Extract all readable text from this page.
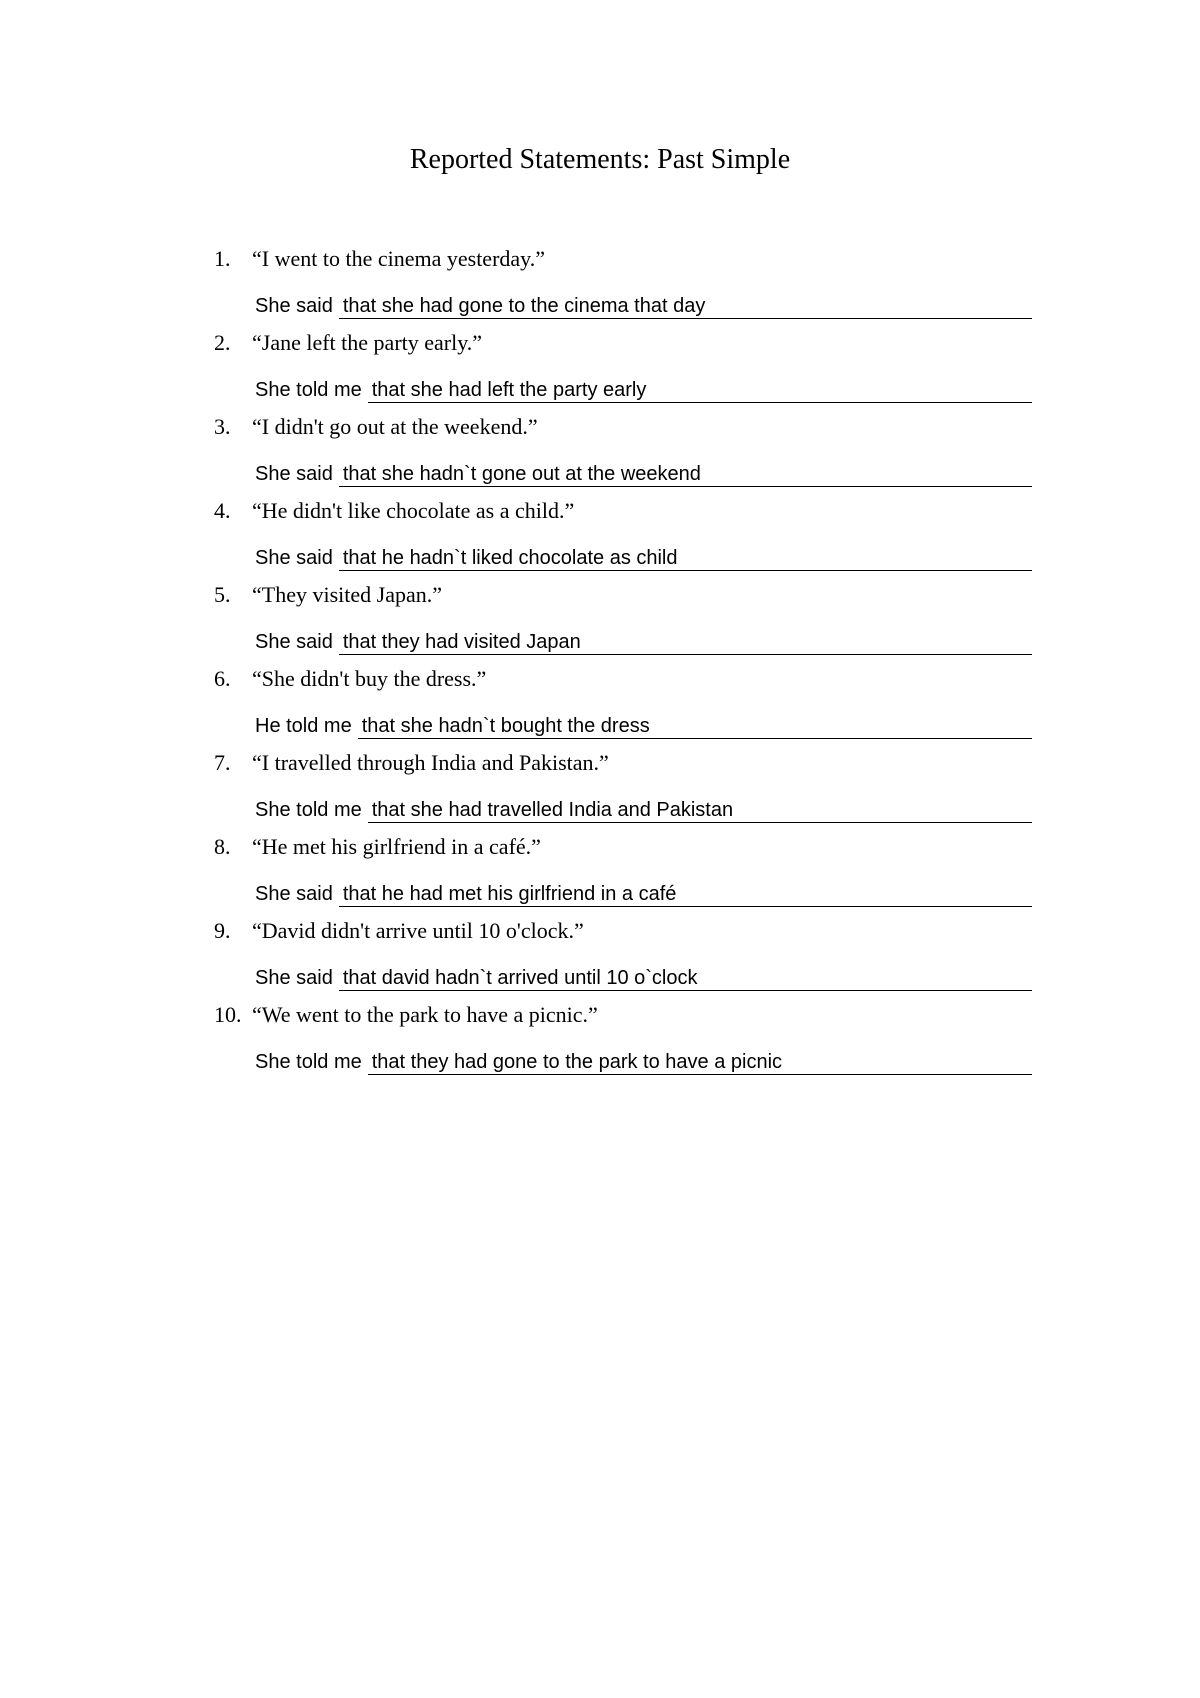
Reported Statements: Past Simple
1. “I went to the cinema yesterday.”
She said that she had gone to the cinema that day
2. “Jane left the party early.”
She told me that she had left the party early
3. “I didn't go out at the weekend.”
She said that she hadn`t gone out at the weekend
4. “He didn't like chocolate as a child.”
She said that he hadn`t liked chocolate as child
5. “They visited Japan.”
She said that they had visited Japan
6. “She didn't buy the dress.”
He told me that she hadn`t bought the dress
7. “I travelled through India and Pakistan.”
She told me that she had travelled India and Pakistan
8. “He met his girlfriend in a café.”
She said that he had met his girlfriend in a café
9. “David didn't arrive until 10 o'clock.”
She said that david hadn`t arrived until 10 o`clock
10. “We went to the park to have a picnic.”
She told me that they had gone to the park to have a picnic
